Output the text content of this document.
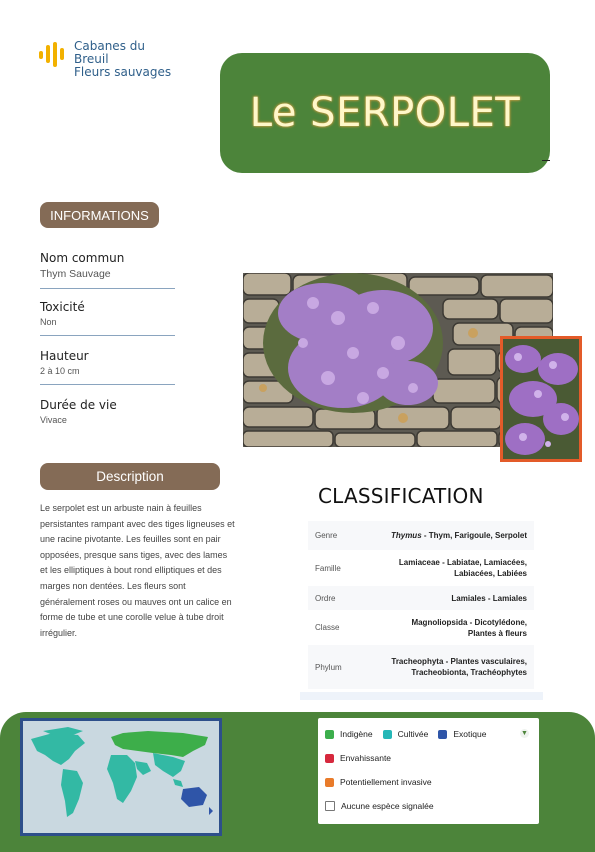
Cabanes du
Breuil
Fleurs sauvages
Le SERPOLET
INFORMATIONS
Nom commun
Thym Sauvage
Toxicité
Non
Hauteur
2 à 10 cm
Durée de vie
Vivace
Description
Le serpolet est un arbuste nain à feuilles persistantes rampant avec des tiges ligneuses et une racine pivotante. Les feuilles sont en pair opposées, presque sans tiges, avec des lames et les elliptiques à bout rond elliptiques et des marges non dentées. Les fleurs sont généralement roses ou mauves ont un calice en forme de tube et une corolle velue à tube droit irrégulier.
CLASSIFICATION
Genre	Thymus - Thym, Farigoule, Serpolet
Famille	Lamiaceae - Labiatae, Lamiacées, Labiacées, Labiées
Ordre	Lamiales - Lamiales
Classe	Magnoliopsida - Dicotylédone, Plantes à fleurs
Phylum	Tracheophyta - Plantes vasculaires, Tracheobionta, Trachéophytes
Indigène	Cultivée	Exotique	▼
Envahissante
Potentiellement invasive
Aucune espèce signalée
